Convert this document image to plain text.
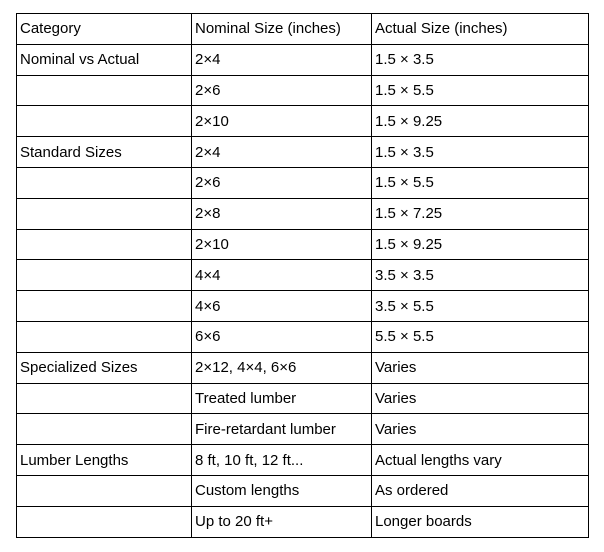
Category	Nominal Size (inches)	Actual Size (inches)
Nominal vs Actual	2×4	1.5 × 3.5
	2×6	1.5 × 5.5
	2×10	1.5 × 9.25
Standard Sizes	2×4	1.5 × 3.5
	2×6	1.5 × 5.5
	2×8	1.5 × 7.25
	2×10	1.5 × 9.25
	4×4	3.5 × 3.5
	4×6	3.5 × 5.5
	6×6	5.5 × 5.5
Specialized Sizes	2×12, 4×4, 6×6	Varies
	Treated lumber	Varies
	Fire-retardant lumber	Varies
Lumber Lengths	8 ft, 10 ft, 12 ft...	Actual lengths vary
	Custom lengths	As ordered
	Up to 20 ft+	Longer boards
